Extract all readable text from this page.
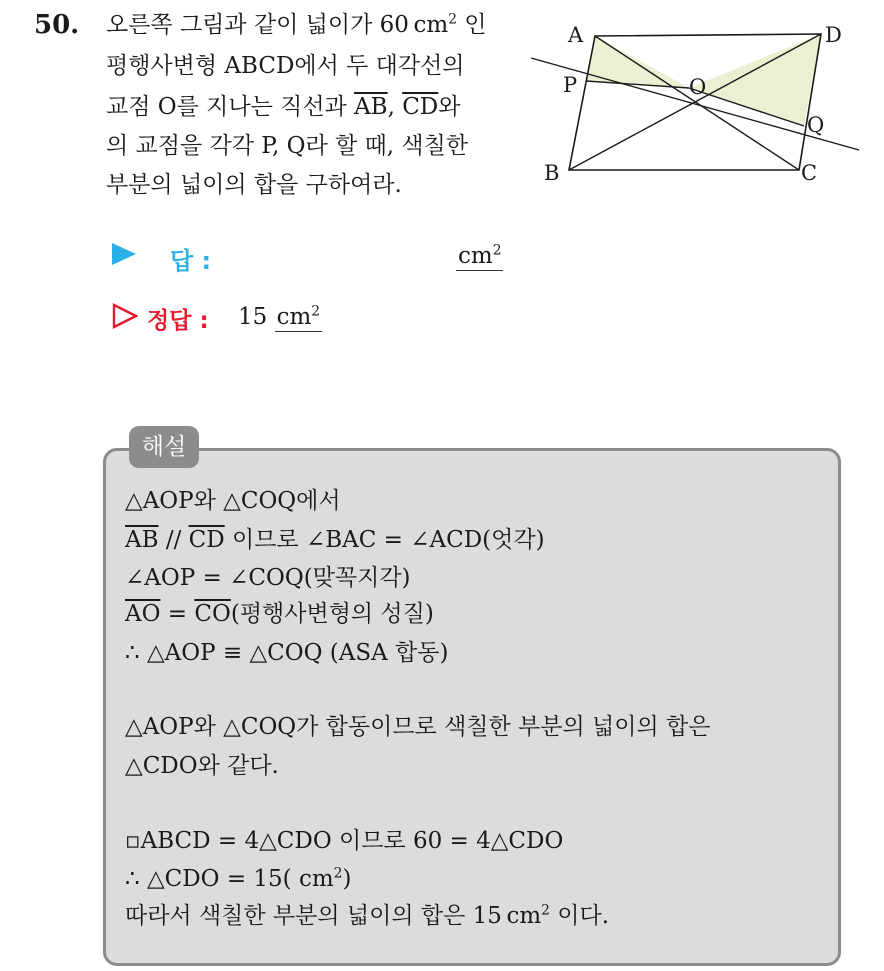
50. 오른쪽 그림과 같이 넓이가 60 $cm^2$ 인
평행사변형 ABCD에서 두 대각선의
교점 O를 지나는 직선과 $\overline{AB}$, $\overline{CD}$와
의 교점을 각각 P, Q라 할 때, 색칠한
부분의 넓이의 합을 구하여라.
A	D
P	O
Q
B	C
답 :	$cm^2$
정답 : 15 $cm^2$
해설
△AOP와 △COQ에서
$\overline{AB} // \overline{CD}$ 이므로 ∠BAC = ∠ACD(엇각)
∠AOP = ∠COQ(맞꼭지각)
$\overline{AO} = \overline{CO}$(평행사변형의 성질)
∴ △AOP ≡ △COQ (ASA 합동)
△AOP와 △COQ가 합동이므로 색칠한 부분의 넓이의 합은
△CDO와 같다.
▫ABCD = 4△CDO 이므로 60 = 4△CDO
∴ △CDO = 15( $cm^2$)
따라서 색칠한 부분의 넓이의 합은 15 $cm^2$ 이다.
